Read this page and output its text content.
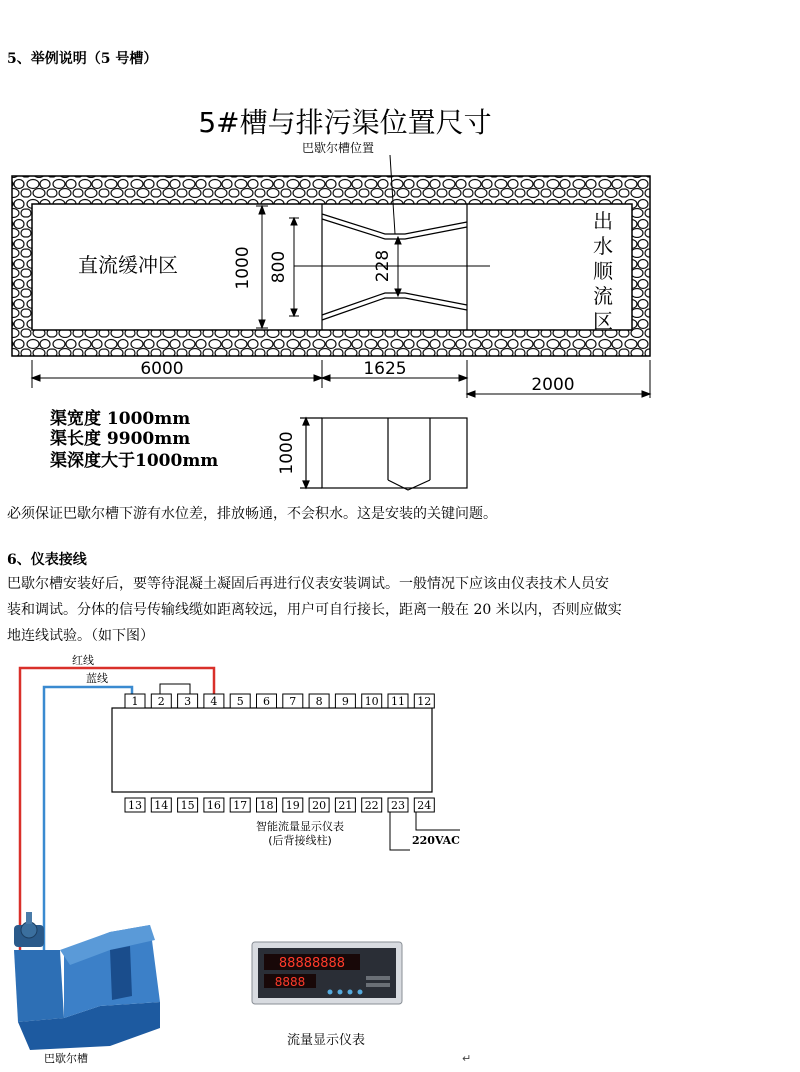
5、举例说明（5 号槽）
5#槽与排污渠位置尺寸
巴歇尔槽位置
直流缓冲区
出
水
顺
流
区
1000 800	228
6000	1625
2000
渠宽度 1000mm
渠长度 9900mm
渠深度大于1000mm	1000
必须保证巴歇尔槽下游有水位差，排放畅通，不会积水。这是安装的关键问题。
6、仪表接线
巴歇尔槽安装好后，要等待混凝土凝固后再进行仪表安装调试。一般情况下应该由仪表技术人员安
装和调试。分体的信号传输线缆如距离较远，用户可自行接长，距离一般在 20 米以内，否则应做实
地连线试验。（如下图）
红线
蓝线
1 2 3 4 5 6 7 8 9 10 11 12
13 14 15 16 17 18 19 20 21 22 23 24
220VAC
智能流量显示仪表
(后背接线柱)
巴歇尔槽
88888888
8888
流量显示仪表
↵
